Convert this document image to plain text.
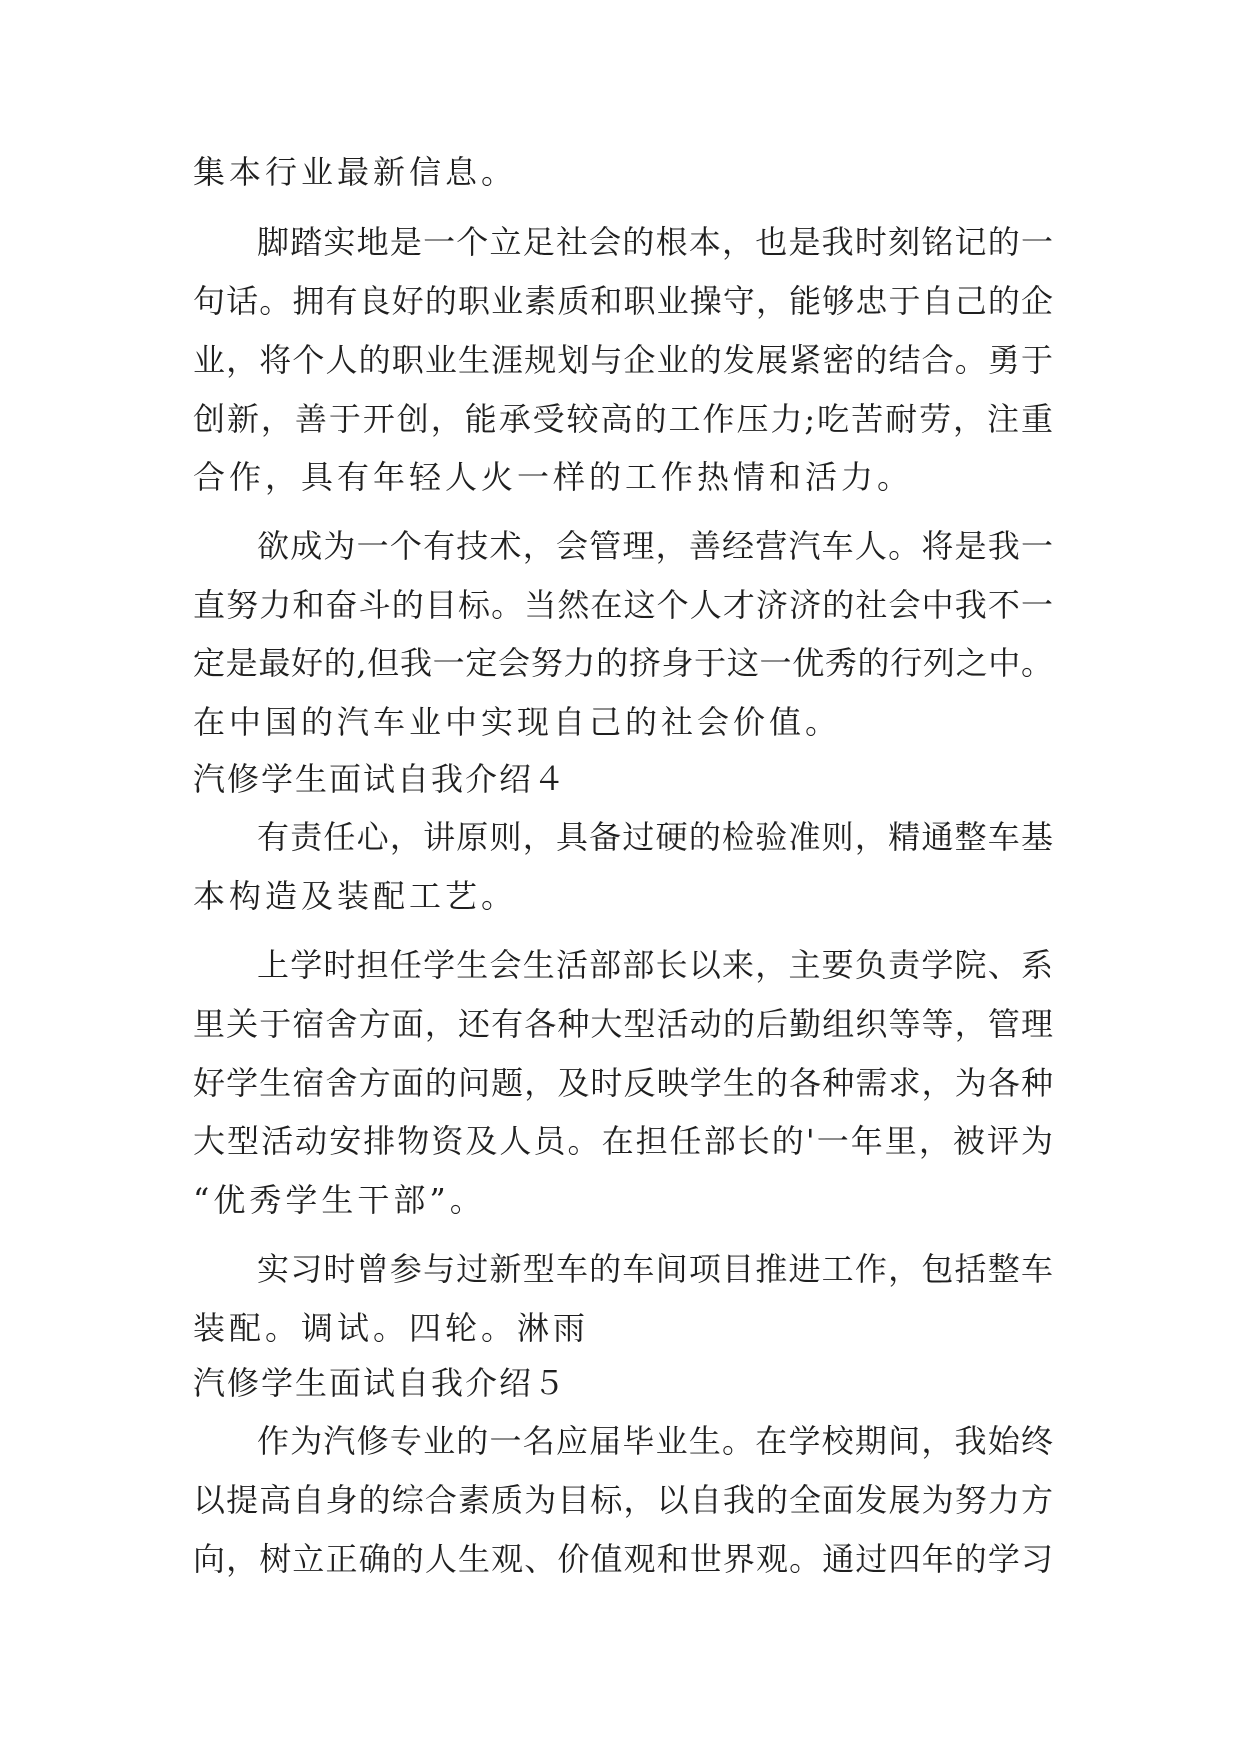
集本行业最新信息。
脚踏实地是一个立足社会的根本，也是我时刻铭记的一
句话。拥有良好的职业素质和职业操守，能够忠于自己的企
业，将个人的职业生涯规划与企业的发展紧密的结合。勇于
创新，善于开创，能承受较高的工作压力;吃苦耐劳，注重
合作，具有年轻人火一样的工作热情和活力。
欲成为一个有技术，会管理，善经营汽车人。将是我一
直努力和奋斗的目标。当然在这个人才济济的社会中我不一
定是最好的,但我一定会努力的挤身于这一优秀的行列之中。
在中国的汽车业中实现自己的社会价值。
汽修学生面试自我介绍４
有责任心，讲原则，具备过硬的检验准则，精通整车基
本构造及装配工艺。
上学时担任学生会生活部部长以来，主要负责学院、系
里关于宿舍方面，还有各种大型活动的后勤组织等等，管理
好学生宿舍方面的问题，及时反映学生的各种需求，为各种
大型活动安排物资及人员。在担任部长的'一年里，被评为
“优秀学生干部”。
实习时曾参与过新型车的车间项目推进工作，包括整车
装配。调试。四轮。淋雨
汽修学生面试自我介绍５
作为汽修专业的一名应届毕业生。在学校期间，我始终
以提高自身的综合素质为目标，以自我的全面发展为努力方
向，树立正确的人生观、价值观和世界观。通过四年的学习
